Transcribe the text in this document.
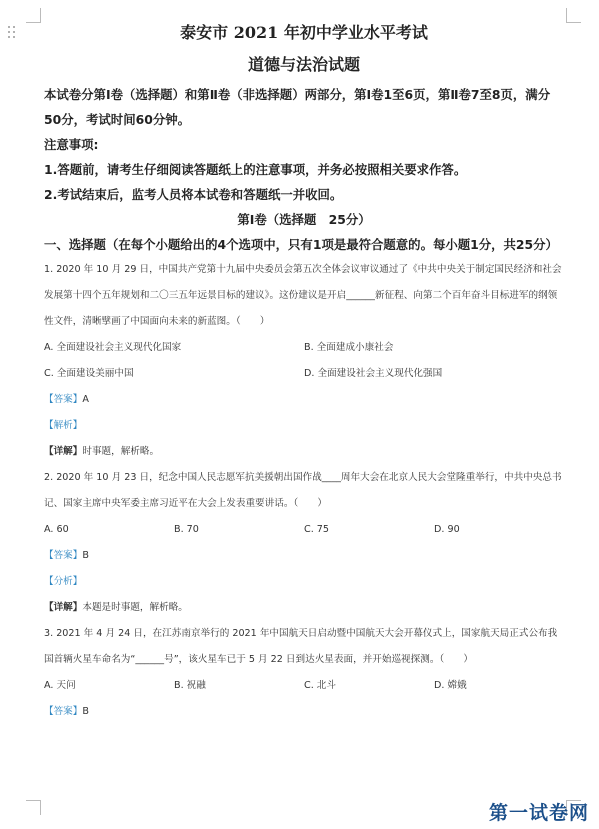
泰安市 2021 年初中学业水平考试
道德与法治试题
本试卷分第Ⅰ卷（选择题）和第Ⅱ卷（非选择题）两部分，第Ⅰ卷1至6页，第Ⅱ卷7至8页，满分50分，考试时间60分钟。
注意事项:
1.答题前，请考生仔细阅读答题纸上的注意事项，并务必按照相关要求作答。
2.考试结束后，监考人员将本试卷和答题纸一并收回。
第Ⅰ卷（选择题　25分）
一、选择题（在每个小题给出的4个选项中，只有1项是最符合题意的。每小题1分，共25分）
1. 2020 年 10 月 29 日，中国共产党第十九届中央委员会第五次全体会议审议通过了《中共中央关于制定国民经济和社会发展第十四个五年规划和二〇三五年远景目标的建议》。这份建议是开启______新征程、向第二个百年奋斗目标进军的纲领性文件，清晰擘画了中国面向未来的新蓝图。（　　）
A. 全面建设社会主义现代化国家	B. 全面建成小康社会
C. 全面建设美丽中国	D. 全面建设社会主义现代化强国
【答案】A
【解析】
【详解】时事题，解析略。
2. 2020 年 10 月 23 日，纪念中国人民志愿军抗美援朝出国作战____周年大会在北京人民大会堂隆重举行，中共中央总书记、国家主席中央军委主席习近平在大会上发表重要讲话。（　　）
A. 60	B. 70	C. 75	D. 90
【答案】B
【分析】
【详解】本题是时事题，解析略。
3. 2021 年 4 月 24 日，在江苏南京举行的 2021 年中国航天日启动暨中国航天大会开幕仪式上，国家航天局正式公布我国首辆火星车命名为“______号”，该火星车已于 5 月 22 日到达火星表面，并开始巡视探测。（　　）
A. 天问	B. 祝融	C. 北斗	D. 嫦娥
【答案】B
第一试卷网
